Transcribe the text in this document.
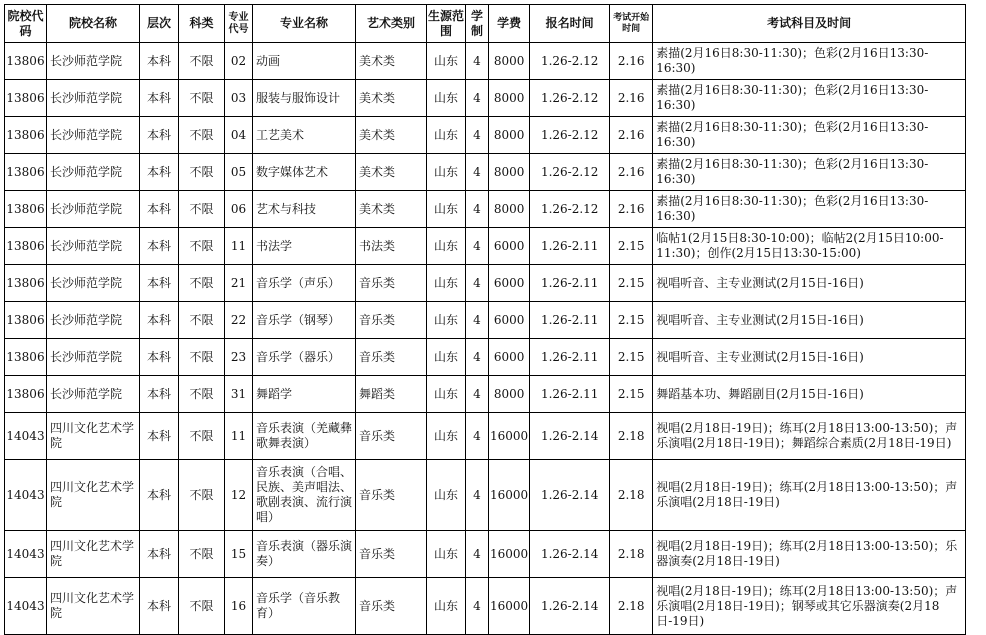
院校代码	院校名称	层次	科类	专业代号	专业名称	艺术类别	生源范围	学制	学费	报名时间	考试开始时间	考试科目及时间
13806	长沙师范学院	本科	不限	02	动画	美术类	山东	4	8000	1.26-2.12	2.16	素描(2月16日8:30-11:30)；色彩(2月16日13:30-16:30)
13806	长沙师范学院	本科	不限	03	服装与服饰设计	美术类	山东	4	8000	1.26-2.12	2.16	素描(2月16日8:30-11:30)；色彩(2月16日13:30-16:30)
13806	长沙师范学院	本科	不限	04	工艺美术	美术类	山东	4	8000	1.26-2.12	2.16	素描(2月16日8:30-11:30)；色彩(2月16日13:30-16:30)
13806	长沙师范学院	本科	不限	05	数字媒体艺术	美术类	山东	4	8000	1.26-2.12	2.16	素描(2月16日8:30-11:30)；色彩(2月16日13:30-16:30)
13806	长沙师范学院	本科	不限	06	艺术与科技	美术类	山东	4	8000	1.26-2.12	2.16	素描(2月16日8:30-11:30)；色彩(2月16日13:30-16:30)
13806	长沙师范学院	本科	不限	11	书法学	书法类	山东	4	6000	1.26-2.11	2.15	临帖1(2月15日8:30-10:00)；临帖2(2月15日10:00-11:30)；创作(2月15日13:30-15:00)
13806	长沙师范学院	本科	不限	21	音乐学（声乐）	音乐类	山东	4	6000	1.26-2.11	2.15	视唱听音、主专业测试(2月15日-16日)
13806	长沙师范学院	本科	不限	22	音乐学（钢琴）	音乐类	山东	4	6000	1.26-2.11	2.15	视唱听音、主专业测试(2月15日-16日)
13806	长沙师范学院	本科	不限	23	音乐学（器乐）	音乐类	山东	4	6000	1.26-2.11	2.15	视唱听音、主专业测试(2月15日-16日)
13806	长沙师范学院	本科	不限	31	舞蹈学	舞蹈类	山东	4	8000	1.26-2.11	2.15	舞蹈基本功、舞蹈剧目(2月15日-16日)
14043	四川文化艺术学院	本科	不限	11	音乐表演（羌藏彝歌舞表演）	音乐类	山东	4	16000	1.26-2.14	2.18	视唱(2月18日-19日)；练耳(2月18日13:00-13:50)；声乐演唱(2月18日-19日)；舞蹈综合素质(2月18日-19日)
14043	四川文化艺术学院	本科	不限	12	音乐表演（合唱、民族、美声唱法、歌剧表演、流行演唱）	音乐类	山东	4	16000	1.26-2.14	2.18	视唱(2月18日-19日)；练耳(2月18日13:00-13:50)；声乐演唱(2月18日-19日)
14043	四川文化艺术学院	本科	不限	15	音乐表演（器乐演奏）	音乐类	山东	4	16000	1.26-2.14	2.18	视唱(2月18日-19日)；练耳(2月18日13:00-13:50)；乐器演奏(2月18日-19日)
14043	四川文化艺术学院	本科	不限	16	音乐学（音乐教育）	音乐类	山东	4	16000	1.26-2.14	2.18	视唱(2月18日-19日)；练耳(2月18日13:00-13:50)；声乐演唱(2月18日-19日)；钢琴或其它乐器演奏(2月18日-19日)
